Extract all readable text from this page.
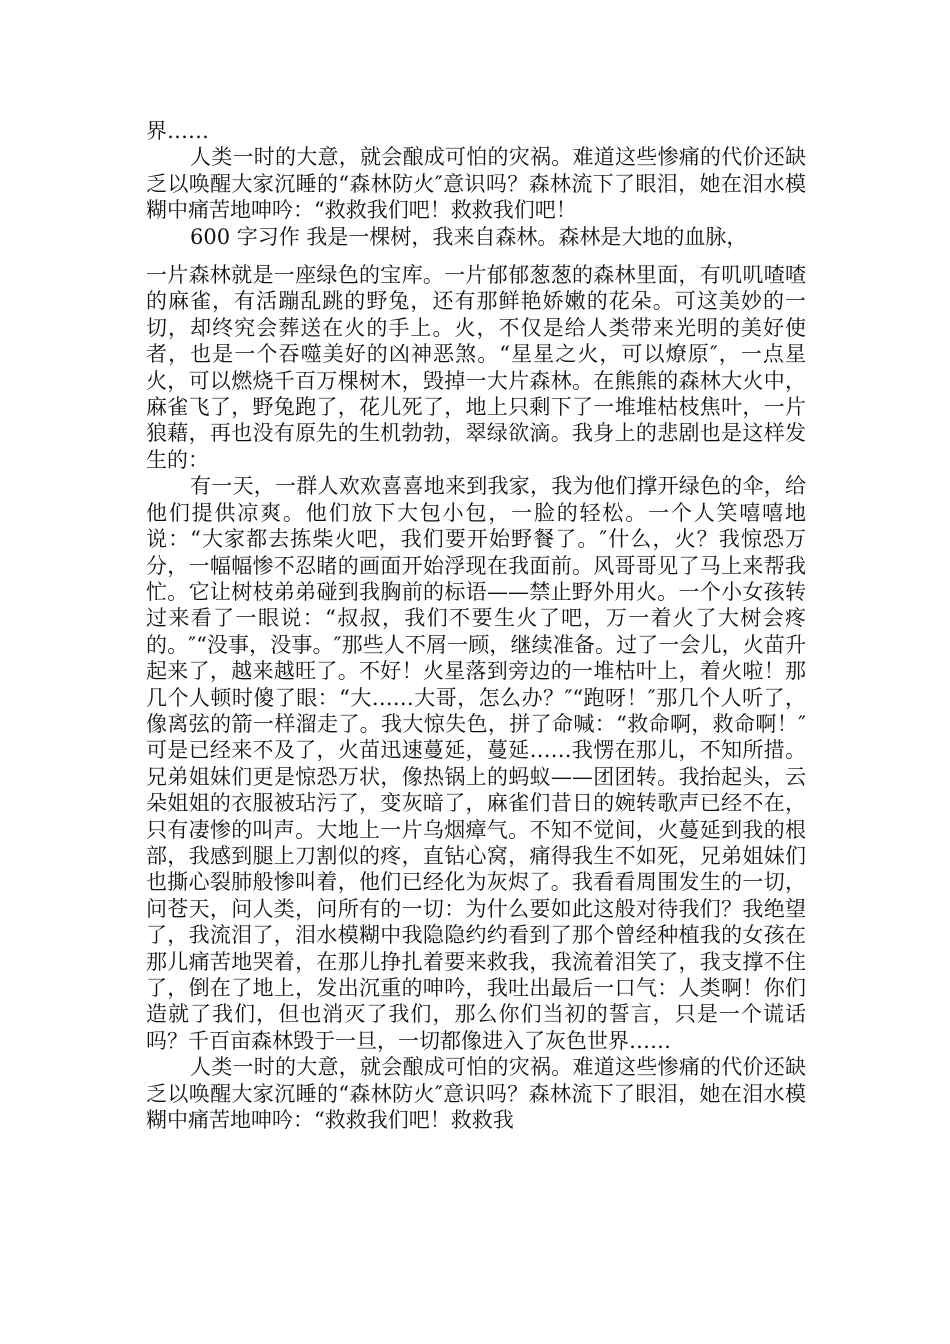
界……

人类一时的大意，就会酿成可怕的灾祸。难道这些惨痛的代价还缺乏以唤醒大家沉睡的“森林防火″意识吗？森林流下了眼泪，她在泪水模糊中痛苦地呻吟：“救救我们吧！救救我们吧！

600 字习作 我是一棵树，我来自森林。森林是大地的血脉，

一片森林就是一座绿色的宝库。一片郁郁葱葱的森林里面，有叽叽喳喳的麻雀，有活蹦乱跳的野兔，还有那鲜艳娇嫩的花朵。可这美妙的一切，却终究会葬送在火的手上。火，不仅是给人类带来光明的美好使者，也是一个吞噬美好的凶神恶煞。“星星之火，可以燎原″，一点星火，可以燃烧千百万棵树木，毁掉一大片森林。在熊熊的森林大火中，麻雀飞了，野兔跑了，花儿死了，地上只剩下了一堆堆枯枝焦叶，一片狼藉，再也没有原先的生机勃勃，翠绿欲滴。我身上的悲剧也是这样发生的：

有一天，一群人欢欢喜喜地来到我家，我为他们撑开绿色的伞，给他们提供凉爽。他们放下大包小包，一脸的轻松。一个人笑嘻嘻地说：“大家都去拣柴火吧，我们要开始野餐了。″什么，火？我惊恐万分，一幅幅惨不忍睹的画面开始浮现在我面前。风哥哥见了马上来帮我忙。它让树枝弟弟碰到我胸前的标语——禁止野外用火。一个小女孩转过来看了一眼说：“叔叔，我们不要生火了吧，万一着火了大树会疼的。″“没事，没事。″那些人不屑一顾，继续准备。过了一会儿，火苗升起来了，越来越旺了。不好！火星落到旁边的一堆枯叶上，着火啦！那几个人顿时傻了眼：“大……大哥，怎么办？″“跑呀！″那几个人听了，像离弦的箭一样溜走了。我大惊失色，拼了命喊：“救命啊，救命啊！″可是已经来不及了，火苗迅速蔓延，蔓延……我愣在那儿，不知所措。兄弟姐妹们更是惊恐万状，像热锅上的蚂蚁——团团转。我抬起头，云朵姐姐的衣服被玷污了，变灰暗了，麻雀们昔日的婉转歌声已经不在，只有凄惨的叫声。大地上一片乌烟瘴气。不知不觉间，火蔓延到我的根部，我感到腿上刀割似的疼，直钻心窝，痛得我生不如死，兄弟姐妹们也撕心裂肺般惨叫着，他们已经化为灰烬了。我看看周围发生的一切，问苍天，问人类，问所有的一切：为什么要如此这般对待我们？我绝望了，我流泪了，泪水模糊中我隐隐约约看到了那个曾经种植我的女孩在那儿痛苦地哭着，在那儿挣扎着要来救我，我流着泪笑了，我支撑不住了，倒在了地上，发出沉重的呻吟，我吐出最后一口气：人类啊！你们造就了我们，但也消灭了我们，那么你们当初的誓言，只是一个谎话吗？千百亩森林毁于一旦，一切都像进入了灰色世界……

人类一时的大意，就会酿成可怕的灾祸。难道这些惨痛的代价还缺乏以唤醒大家沉睡的“森林防火″意识吗？森林流下了眼泪，她在泪水模糊中痛苦地呻吟：“救救我们吧！救救我
